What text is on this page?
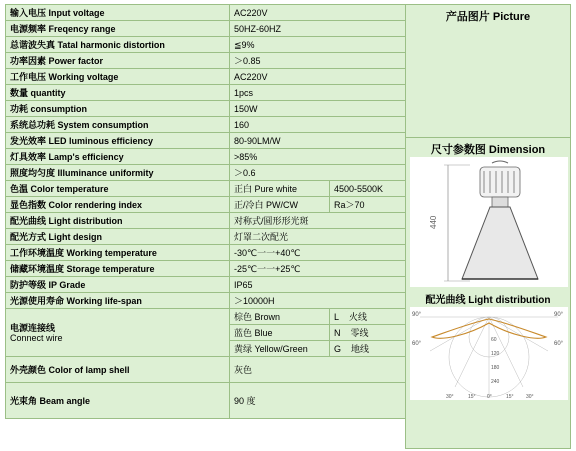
输入电压 Input voltage	AC220V	
电源频率 Freqency range	50HZ-60HZ	
总谐波失真 Tatal harmonic distortion	≦9%	
功率因素 Power factor	＞0.85	
工作电压 Working voltage	AC220V	
数量 quantity	1pcs	
功耗 consumption	150W	
系统总功耗 System consumption	160	
发光效率 LED luminous efficiency	80-90LM/W	
灯具效率 Lamp's efficiency	>85%	
照度均匀度 Illuminance uniformity	＞0.6	
色温 Color temperature	正白 Pure white	4500-5500K
显色指数 Color rendering index	正/冷白 PW/CW	Ra＞70
配光曲线 Light distribution	对称式/圆形形光斑	
配光方式 Light design	灯罩二次配光	
工作环境温度 Working temperature	-30℃一一+40℃	
储藏环境温度 Storage temperature	-25℃一一+25℃	
防护等级 IP Grade	IP65	
光源使用寿命 Working life-span	＞10000H	

电源连接线
Connect wire	棕色 Brown	L 火线
	蓝色 Blue	N 零线
	黄绿 Yellow/Green	G 地线
外壳颜色 Color of lamp shell	灰色	
光束角 Beam angle	90 度	
产品图片 Picture
尺寸参数图 Dimension
440
配光曲线 Light distribution
90°	90°
60°	60°
60
120
180
240
30°	15° 0°	15° 30°
